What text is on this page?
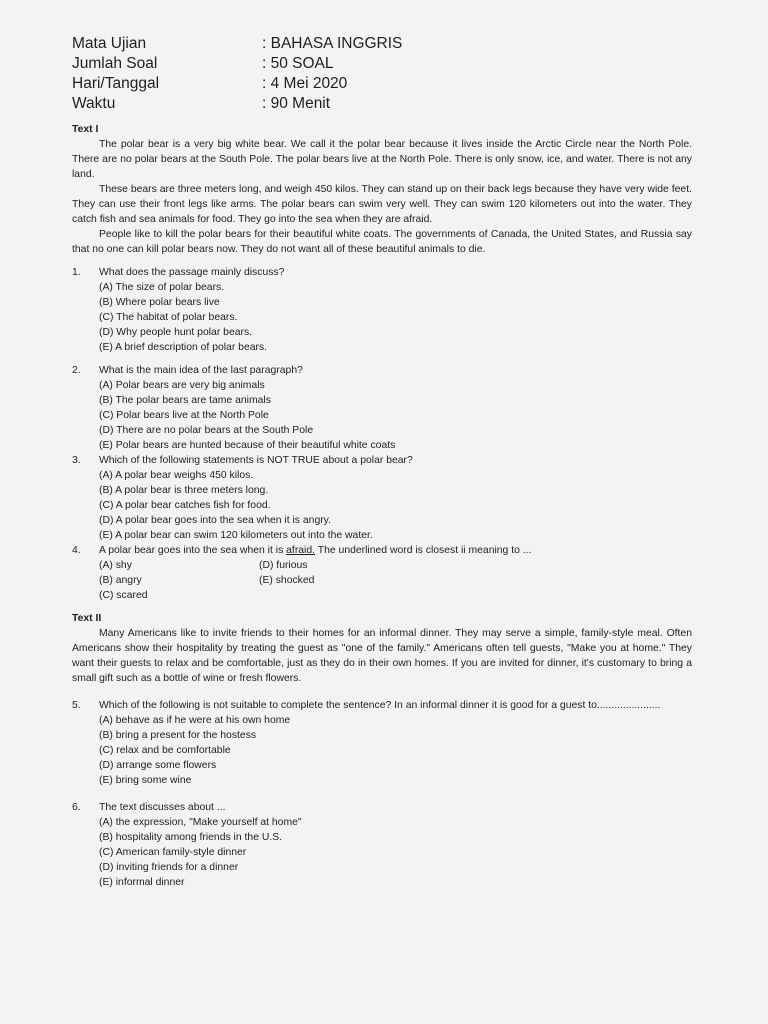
Mata Ujian	: BAHASA INGGRIS
Jumlah Soal	: 50 SOAL
Hari/Tanggal	: 4 Mei 2020
Waktu	: 90 Menit

Text I

The polar bear is a very big white bear. We call it the polar bear because it lives inside the Arctic Circle near the North Pole. There are no polar bears at the South Pole. The polar bears live at the North Pole. There is only snow, ice, and water. There is not any land.

These bears are three meters long, and weigh 450 kilos. They can stand up on their back legs because they have very wide feet. They can use their front legs like arms. The polar bears can swim very well. They can swim 120 kilometers out into the water. They catch fish and sea animals for food. They go into the sea when they are afraid.

People like to kill the polar bears for their beautiful white coats. The governments of Canada, the United States, and Russia say that no one can kill polar bears now. They do not want all of these beautiful animals to die.

1.	What does the passage mainly discuss?

(A) The size of polar bears.

(B) Where polar bears live

(C) The habitat of polar bears.

(D) Why people hunt polar bears.

(E) A brief description of polar bears.

2.	What is the main idea of the last paragraph?

(A) Polar bears are very big animals

(B) The polar bears are tame animals

(C) Polar bears live at the North Pole

(D) There are no polar bears at the South Pole

(E) Polar bears are hunted because of their beautiful white coats

3.	Which of the following statements is NOT TRUE about a polar bear?

(A) A polar bear weighs 450 kilos.

(B) A polar bear is three meters long.

(C) A polar bear catches fish for food.

(D) A polar bear goes into the sea when it is angry.

(E) A polar bear can swim 120 kilometers out into the water.

4.	A polar bear goes into the sea when it is afraid. The underlined word is closest ii meaning to ...
(A) shy	(D) furious
(B) angry	(E) shocked
(C) scared

Text II

Many Americans like to invite friends to their homes for an informal dinner. They may serve a simple, family-style meal. Often Americans show their hospitality by treating the guest as "one of the family." Americans often tell guests, "Make you at home." They want their guests to relax and be comfortable, just as they do in their own homes. If you are invited for dinner, it's customary to bring a small gift such as a bottle of wine or fresh flowers.

5.	Which of the following is not suitable to complete the sentence? In an informal dinner it is good for a guest to......................

(A) behave as if he were at his own home

(B) bring a present for the hostess

(C) relax and be comfortable

(D) arrange some flowers

(E) bring some wine

6.	The text discusses about ...

(A) the expression, "Make yourself at home"

(B) hospitality among friends in the U.S.

(C) American family-style dinner

(D) inviting friends for a dinner

(E) informal dinner
